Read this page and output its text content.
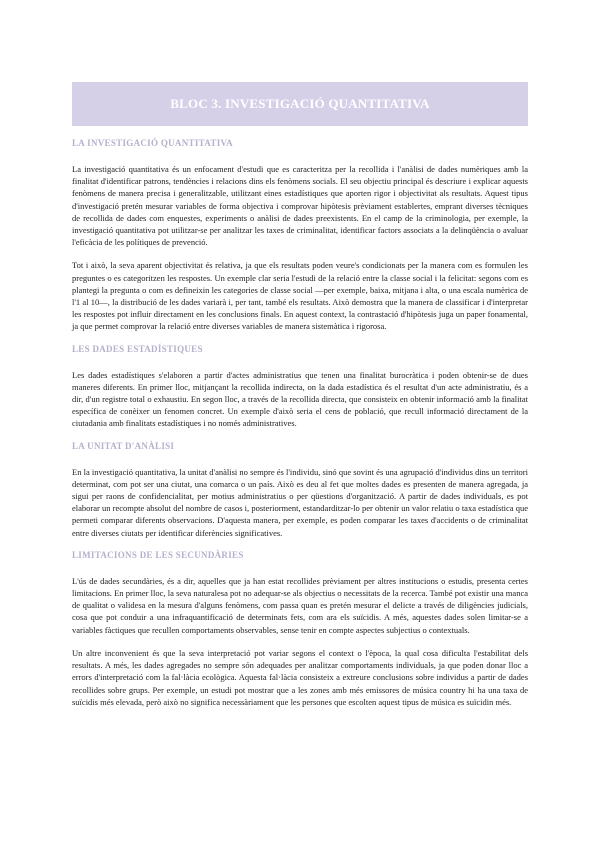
BLOC 3. INVESTIGACIÓ QUANTITATIVA
LA INVESTIGACIÓ QUANTITATIVA

La investigació quantitativa és un enfocament d'estudi que es caracteritza per la recollida i l'anàlisi de dades numèriques amb la finalitat d'identificar patrons, tendències i relacions dins els fenòmens socials. El seu objectiu principal és descriure i explicar aquests fenòmens de manera precisa i generalitzable, utilitzant eines estadístiques que aporten rigor i objectivitat als resultats. Aquest tipus d'investigació pretén mesurar variables de forma objectiva i comprovar hipòtesis prèviament establertes, emprant diverses tècniques de recollida de dades com enquestes, experiments o anàlisi de dades preexistents. En el camp de la criminologia, per exemple, la investigació quantitativa pot utilitzar-se per analitzar les taxes de criminalitat, identificar factors associats a la delinqüència o avaluar l'eficàcia de les polítiques de prevenció.

Tot i això, la seva aparent objectivitat és relativa, ja que els resultats poden veure's condicionats per la manera com es formulen les preguntes o es categoritzen les respostes. Un exemple clar seria l'estudi de la relació entre la classe social i la felicitat: segons com es plantegi la pregunta o com es defineixin les categories de classe social —per exemple, baixa, mitjana i alta, o una escala numèrica de l'1 al 10—, la distribució de les dades variarà i, per tant, també els resultats. Això demostra que la manera de classificar i d'interpretar les respostes pot influir directament en les conclusions finals. En aquest context, la contrastació d'hipòtesis juga un paper fonamental, ja que permet comprovar la relació entre diverses variables de manera sistemàtica i rigorosa.

LES DADES ESTADÍSTIQUES

Les dades estadístiques s'elaboren a partir d'actes administratius que tenen una finalitat burocràtica i poden obtenir-se de dues maneres diferents. En primer lloc, mitjançant la recollida indirecta, on la dada estadística és el resultat d'un acte administratiu, és a dir, d'un registre total o exhaustiu. En segon lloc, a través de la recollida directa, que consisteix en obtenir informació amb la finalitat específica de conèixer un fenomen concret. Un exemple d'això seria el cens de població, que recull informació directament de la ciutadania amb finalitats estadístiques i no només administratives.

LA UNITAT D'ANÀLISI

En la investigació quantitativa, la unitat d'anàlisi no sempre és l'individu, sinó que sovint és una agrupació d'individus dins un territori determinat, com pot ser una ciutat, una comarca o un país. Això es deu al fet que moltes dades es presenten de manera agregada, ja sigui per raons de confidencialitat, per motius administratius o per qüestions d'organització. A partir de dades individuals, es pot elaborar un recompte absolut del nombre de casos i, posteriorment, estandarditzar-lo per obtenir un valor relatiu o taxa estadística que permeti comparar diferents observacions. D'aquesta manera, per exemple, es poden comparar les taxes d'accidents o de criminalitat entre diverses ciutats per identificar diferències significatives.

LIMITACIONS DE LES SECUNDÀRIES

L'ús de dades secundàries, és a dir, aquelles que ja han estat recollides prèviament per altres institucions o estudis, presenta certes limitacions. En primer lloc, la seva naturalesa pot no adequar-se als objectius o necessitats de la recerca. També pot existir una manca de qualitat o validesa en la mesura d'alguns fenòmens, com passa quan es pretén mesurar el delicte a través de diligències judicials, cosa que pot conduir a una infraquantificació de determinats fets, com ara els suïcidis. A més, aquestes dades solen limitar-se a variables fàctiques que recullen comportaments observables, sense tenir en compte aspectes subjectius o contextuals.

Un altre inconvenient és que la seva interpretació pot variar segons el context o l'època, la qual cosa dificulta l'estabilitat dels resultats. A més, les dades agregades no sempre són adequades per analitzar comportaments individuals, ja que poden donar lloc a errors d'interpretació com la fal·làcia ecològica. Aquesta fal·làcia consisteix a extreure conclusions sobre individus a partir de dades recollides sobre grups. Per exemple, un estudi pot mostrar que a les zones amb més emissores de música country hi ha una taxa de suïcidis més elevada, però això no significa necessàriament que les persones que escolten aquest tipus de música es suïcidin més.
